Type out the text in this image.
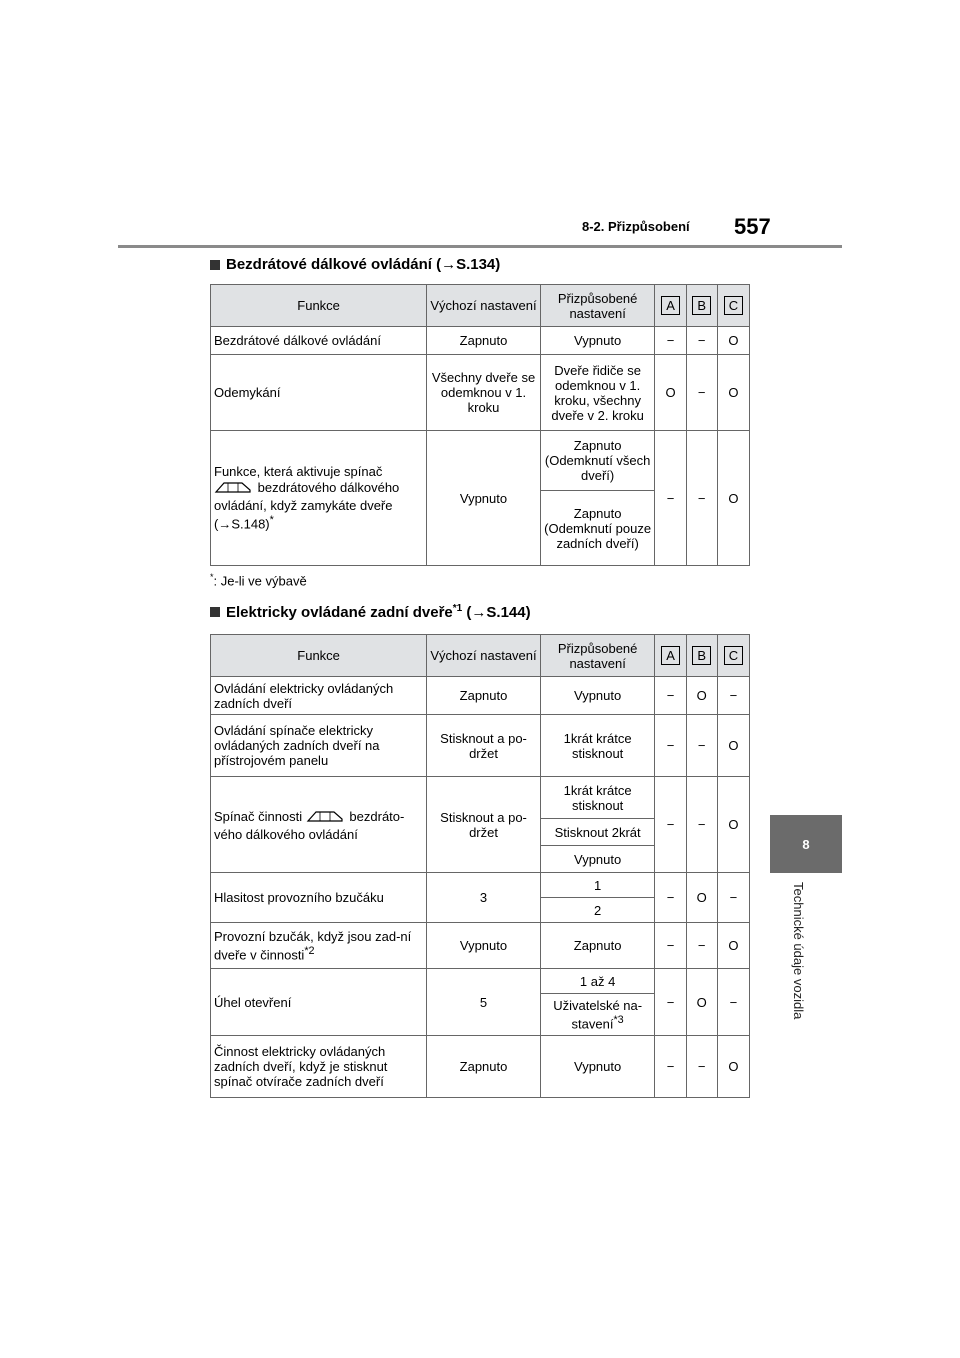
8-2. Přizpůsobení 557
8
Technické údaje vozidla
Bezdrátové dálkové ovládání (→S.134)
Funkce	Výchozí nastavení	Přizpůsobené nastavení	A	B	C
Bezdrátové dálkové ovládání	Zapnuto	Vypnuto	−	−	O
Odemykání	Všechny dveře se odemknou v 1. kroku	Dveře řidiče se odemknou v 1. kroku, všechny dveře v 2. kroku	O	−	O
Funkce, která aktivuje spínač
bezdrátového dálkového ovládání, když zamykáte dveře
(→S.148)*	Vypnuto	Zapnuto (Odemknutí všech dveří)	−	−	O
		Zapnuto (Odemknutí pouze zadních dveří)			
*: Je-li ve výbavě
Elektricky ovládané zadní dveře$^{*1}$ (→S.144)
Funkce	Výchozí nastavení	Přizpůsobené nastavení	A	B	C
Ovládání elektricky ovládaných zadních dveří	Zapnuto	Vypnuto	−	O	−
Ovládání spínače elektricky ovládaných zadních dveří na přístrojovém panelu	Stisknout a po-držet	1krát krátce stisknout	−	−	O
Spínač činnosti bezdráto-vého dálkového ovládání	Stisknout a po-držet	1krát krátce stisknout	−	−	O
		Stisknout 2krát			
		Vypnuto			
Hlasitost provozního bzučáku	3	1	−	O	−
		2			
Provozní bzučák, když jsou zad-ní dveře v činnosti$^{*2}$	Vypnuto	Zapnuto	−	−	O
Úhel otevření	5	1 až 4	−	O	−
		Uživatelské na-stavení$^{*3}$
Činnost elektricky ovládaných zadních dveří, když je stisknut spínač otvírače zadních dveří	Zapnuto	Vypnuto	−	−	O
